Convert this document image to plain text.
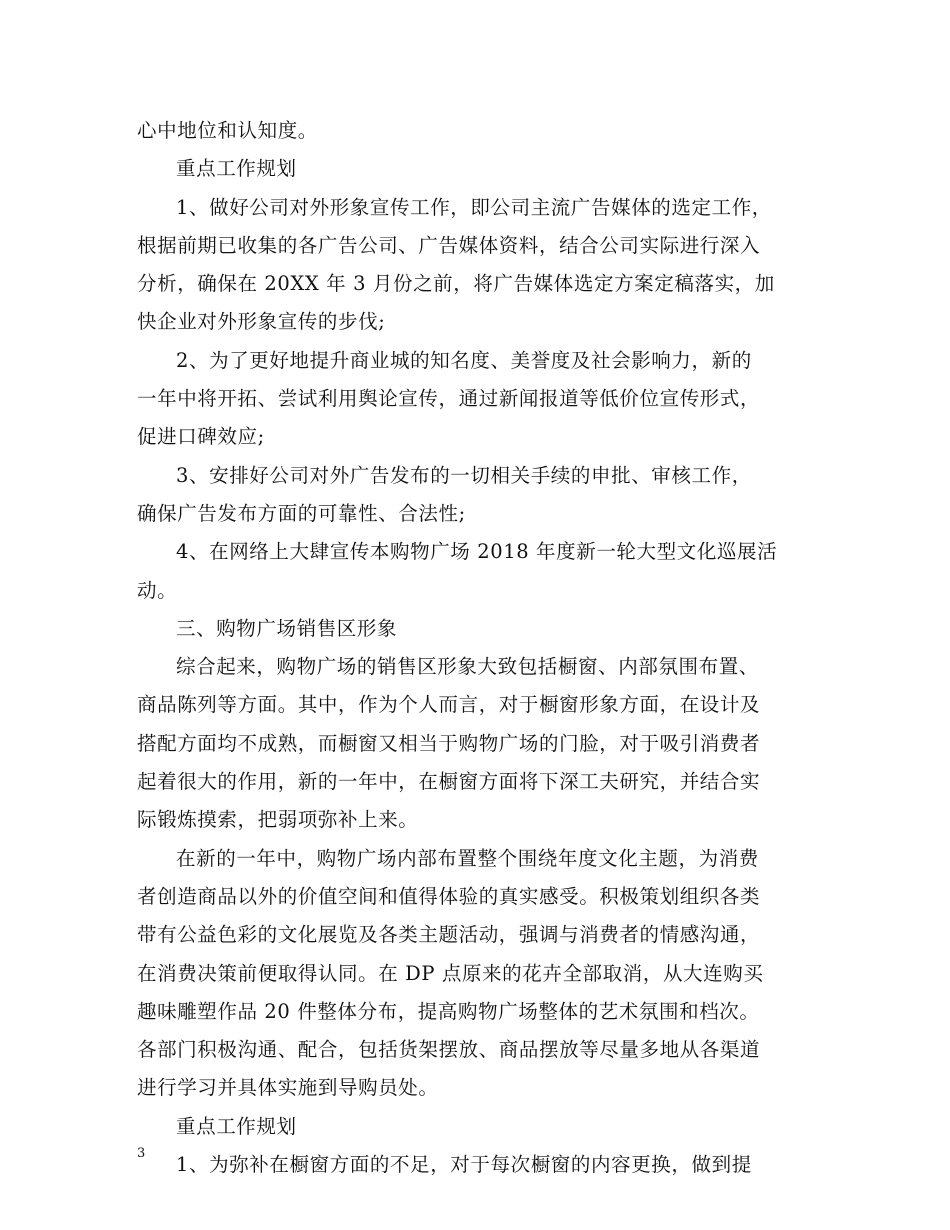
心中地位和认知度。
重点工作规划
1、做好公司对外形象宣传工作，即公司主流广告媒体的选定工作，
根据前期已收集的各广告公司、广告媒体资料，结合公司实际进行深入
分析，确保在 20XX 年 3 月份之前，将广告媒体选定方案定稿落实，加
快企业对外形象宣传的步伐;
2、为了更好地提升商业城的知名度、美誉度及社会影响力，新的
一年中将开拓、尝试利用舆论宣传，通过新闻报道等低价位宣传形式，
促进口碑效应;
3、安排好公司对外广告发布的一切相关手续的申批、审核工作，
确保广告发布方面的可靠性、合法性;
4、在网络上大肆宣传本购物广场 2018 年度新一轮大型文化巡展活
动。
三、购物广场销售区形象
综合起来，购物广场的销售区形象大致包括橱窗、内部氛围布置、
商品陈列等方面。其中，作为个人而言，对于橱窗形象方面，在设计及
搭配方面均不成熟，而橱窗又相当于购物广场的门脸，对于吸引消费者
起着很大的作用，新的一年中，在橱窗方面将下深工夫研究，并结合实
际锻炼摸索，把弱项弥补上来。
在新的一年中，购物广场内部布置整个围绕年度文化主题，为消费
者创造商品以外的价值空间和值得体验的真实感受。积极策划组织各类
带有公益色彩的文化展览及各类主题活动，强调与消费者的情感沟通，
在消费决策前便取得认同。在 DP 点原来的花卉全部取消，从大连购买
趣味雕塑作品 20 件整体分布，提高购物广场整体的艺术氛围和档次。
各部门积极沟通、配合，包括货架摆放、商品摆放等尽量多地从各渠道
进行学习并具体实施到导购员处。
重点工作规划
1、为弥补在橱窗方面的不足，对于每次橱窗的内容更换，做到提
3
